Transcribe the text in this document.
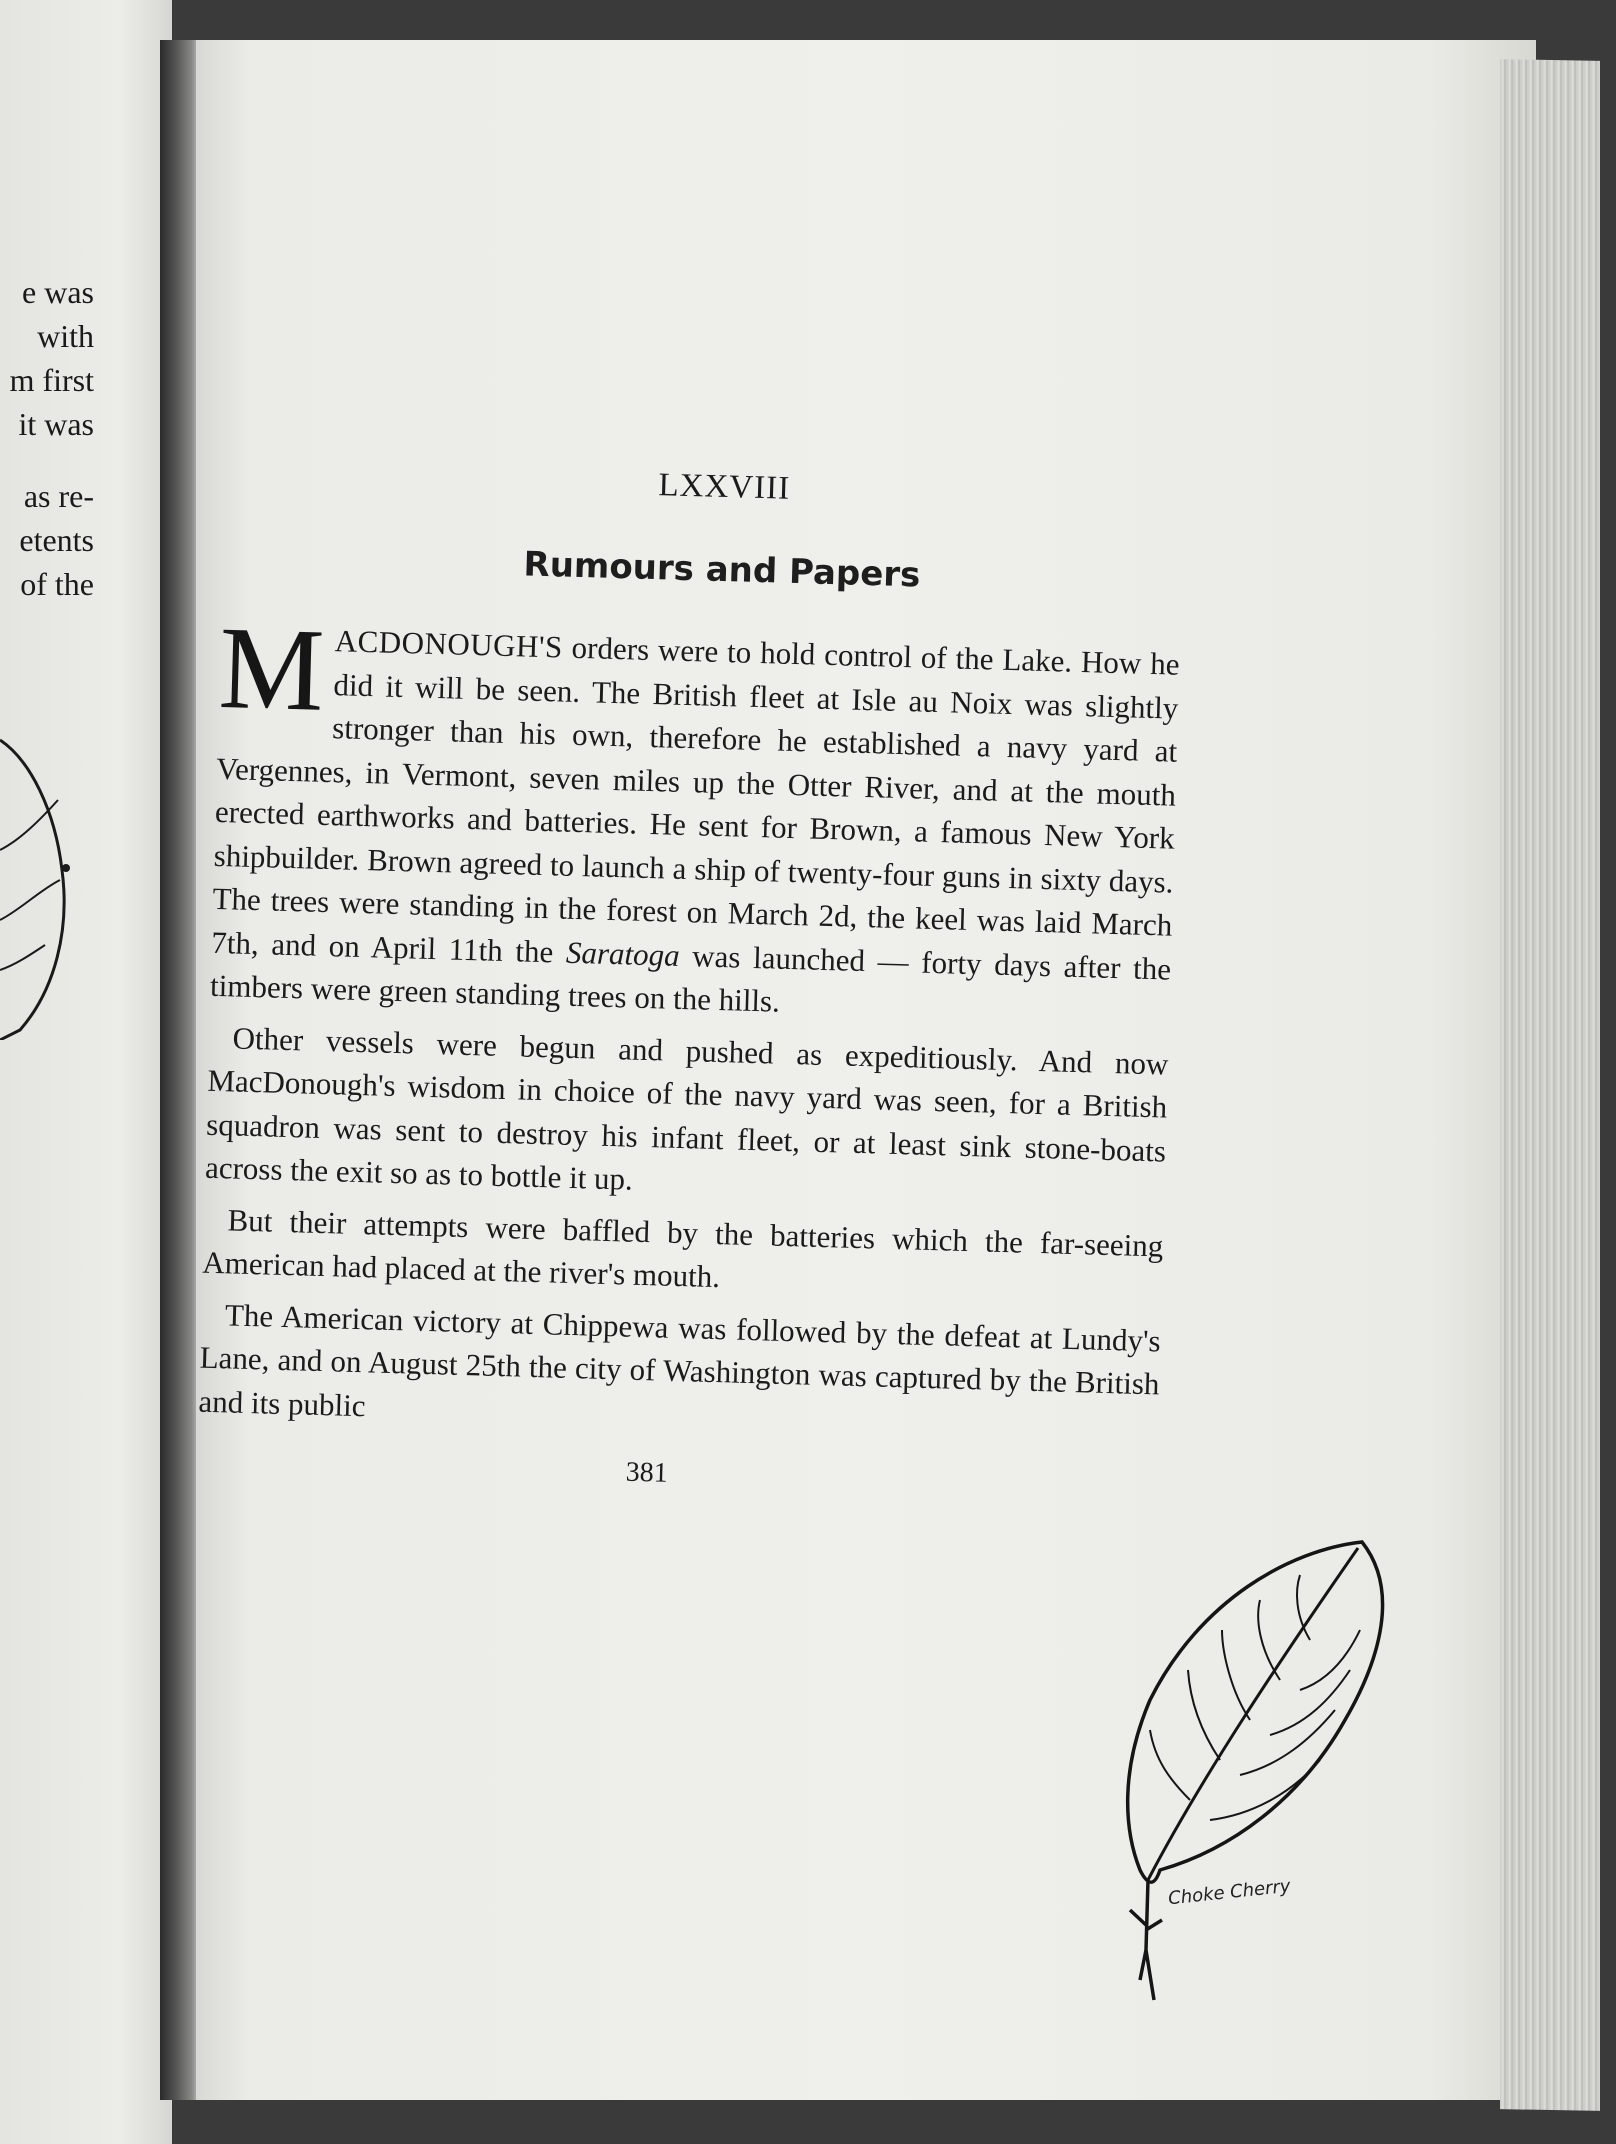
e was
with
m first
it was
as re-
etents
of the
LXXVIII
Rumours and Papers

MACDONOUGH'S orders were to hold control of the Lake. How he did it will be seen. The British fleet at Isle au Noix was slightly stronger than his own, therefore he established a navy yard at Vergennes, in Vermont, seven miles up the Otter River, and at the mouth erected earthworks and batteries. He sent for Brown, a famous New York shipbuilder. Brown agreed to launch a ship of twenty-four guns in sixty days. The trees were standing in the forest on March 2d, the keel was laid March 7th, and on April 11th the Saratoga was launched — forty days after the timbers were green standing trees on the hills.

Other vessels were begun and pushed as expeditiously. And now MacDonough's wisdom in choice of the navy yard was seen, for a British squadron was sent to destroy his infant fleet, or at least sink stone-boats across the exit so as to bottle it up.

But their attempts were baffled by the batteries which the far-seeing American had placed at the river's mouth.

The American victory at Chippewa was followed by the defeat at Lundy's Lane, and on August 25th the city of Washington was captured by the British and its public

381
Choke Cherry
